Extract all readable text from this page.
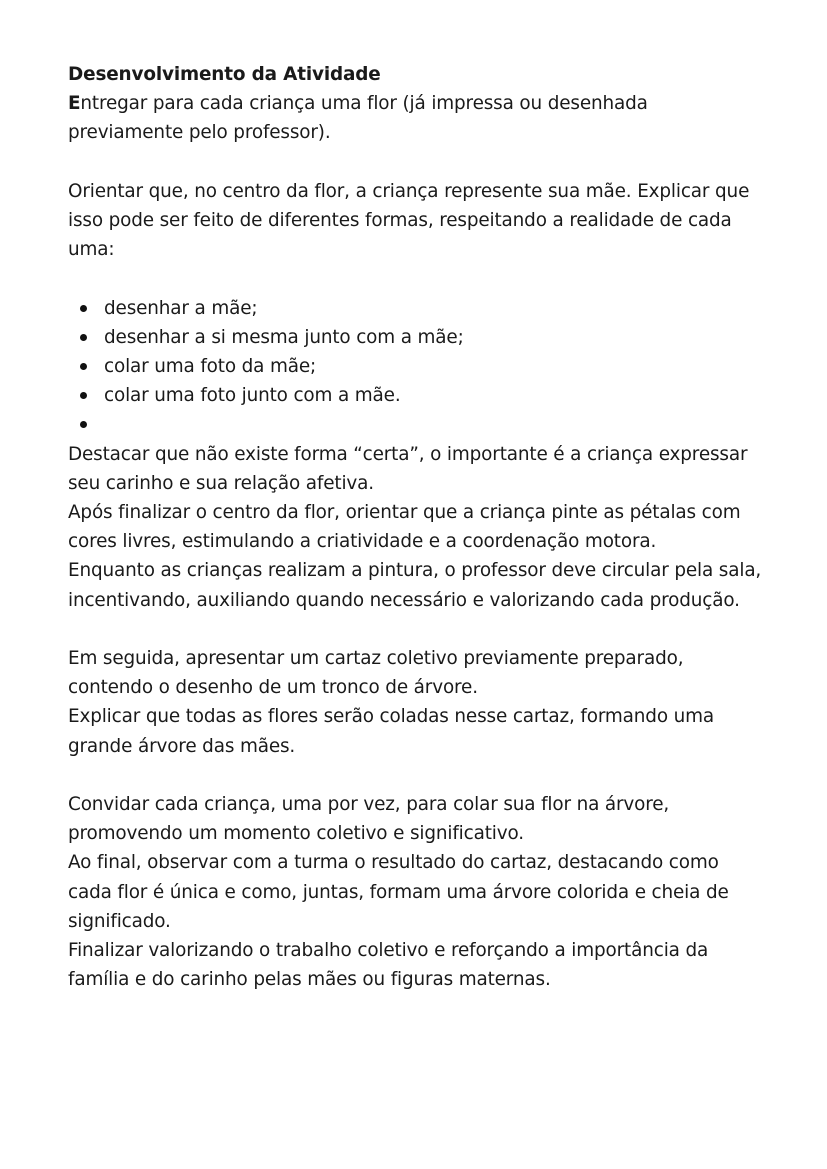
Desenvolvimento da Atividade

Entregar para cada criança uma flor (já impressa ou desenhada previamente pelo professor).

Orientar que, no centro da flor, a criança represente sua mãe. Explicar que isso pode ser feito de diferentes formas, respeitando a realidade de cada uma:

desenhar a mãe;
desenhar a si mesma junto com a mãe;
colar uma foto da mãe;
colar uma foto junto com a mãe.

Destacar que não existe forma “certa”, o importante é a criança expressar seu carinho e sua relação afetiva.

Após finalizar o centro da flor, orientar que a criança pinte as pétalas com cores livres, estimulando a criatividade e a coordenação motora.

Enquanto as crianças realizam a pintura, o professor deve circular pela sala, incentivando, auxiliando quando necessário e valorizando cada produção.

Em seguida, apresentar um cartaz coletivo previamente preparado, contendo o desenho de um tronco de árvore.

Explicar que todas as flores serão coladas nesse cartaz, formando uma grande árvore das mães.

Convidar cada criança, uma por vez, para colar sua flor na árvore, promovendo um momento coletivo e significativo.

Ao final, observar com a turma o resultado do cartaz, destacando como cada flor é única e como, juntas, formam uma árvore colorida e cheia de significado.

Finalizar valorizando o trabalho coletivo e reforçando a importância da família e do carinho pelas mães ou figuras maternas.
